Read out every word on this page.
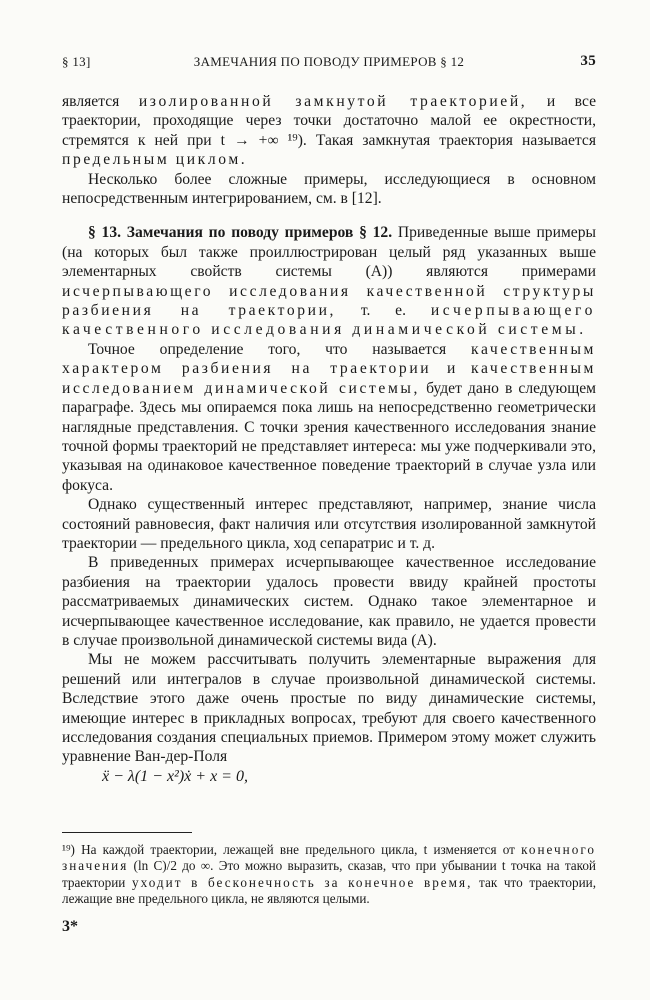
§ 13]	ЗАМЕЧАНИЯ ПО ПОВОДУ ПРИМЕРОВ § 12	35

является изолированной замкнутой траекторией, и все траектории, проходящие через точки достаточно малой ее окрестности, стремятся к ней при t → +∞ ¹⁹). Такая замкнутая траектория называется предельным циклом.

Несколько более сложные примеры, исследующиеся в основном непосредственным интегрированием, см. в [12].

§ 13. Замечания по поводу примеров § 12. Приведенные выше примеры (на которых был также проиллюстрирован целый ряд указанных выше элементарных свойств системы (А)) являются примерами исчерпывающего исследования качественной структуры разбиения на траектории, т. е. исчерпывающего качественного исследования динамической системы.

Точное определение того, что называется качественным характером разбиения на траектории и качественным исследованием динамической системы, будет дано в следующем параграфе. Здесь мы опираемся пока лишь на непосредственно геометрически наглядные представления. С точки зрения качественного исследования знание точной формы траекторий не представляет интереса: мы уже подчеркивали это, указывая на одинаковое качественное поведение траекторий в случае узла или фокуса.

Однако существенный интерес представляют, например, знание числа состояний равновесия, факт наличия или отсутствия изолированной замкнутой траектории — предельного цикла, ход сепаратрис и т. д.

В приведенных примерах исчерпывающее качественное исследование разбиения на траектории удалось провести ввиду крайней простоты рассматриваемых динамических систем. Однако такое элементарное и исчерпывающее качественное исследование, как правило, не удается провести в случае произвольной динамической системы вида (А).

Мы не можем рассчитывать получить элементарные выражения для решений или интегралов в случае произвольной динамической системы. Вследствие этого даже очень простые по виду динамические системы, имеющие интерес в прикладных вопросах, требуют для своего качественного исследования создания специальных приемов. Примером этому может служить уравнение Ван-дер-Поля

ẍ − λ(1 − x²)ẋ + x = 0,

¹⁹) На каждой траектории, лежащей вне предельного цикла, t изменяется от конечного значения (ln C)/2 до ∞. Это можно выразить, сказав, что при убывании t точка на такой траектории уходит в бесконечность за конечное время, так что траектории, лежащие вне предельного цикла, не являются целыми.
3*
